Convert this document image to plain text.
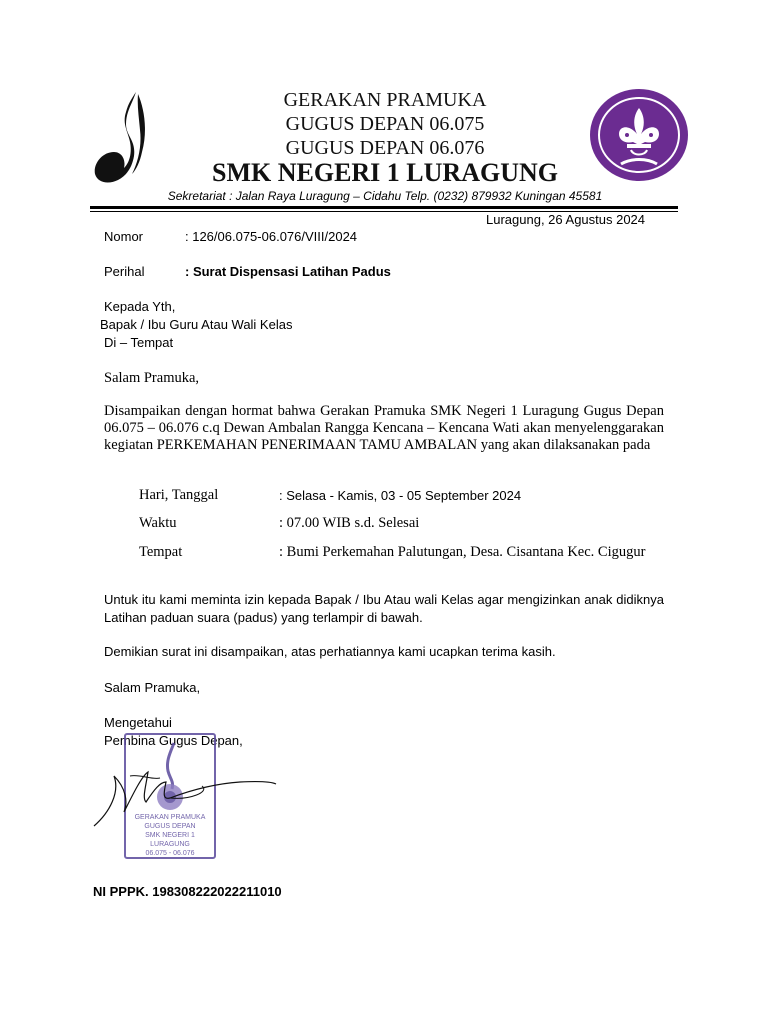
GERAKAN PRAMUKA
GUGUS DEPAN 06.075
GUGUS DEPAN 06.076
SMK NEGERI 1 LURAGUNG
Sekretariat : Jalan Raya Luragung – Cidahu Telp. (0232) 879932 Kuningan 45581
Luragung, 26 Agustus 2024
Nomor	: 126/06.075-06.076/VIII/2024
Perihal	: Surat Dispensasi Latihan Padus
Kepada Yth,
Bapak / Ibu Guru Atau Wali Kelas
Di – Tempat
Salam Pramuka,
Disampaikan dengan hormat bahwa Gerakan Pramuka SMK Negeri 1 Luragung Gugus Depan 06.075 – 06.076 c.q Dewan Ambalan Rangga Kencana – Kencana Wati akan menyelenggarakan kegiatan PERKEMAHAN PENERIMAAN TAMU AMBALAN yang akan dilaksanakan pada
Hari, Tanggal	: Selasa - Kamis, 03 - 05 September 2024
Waktu	: 07.00 WIB s.d. Selesai
Tempat	: Bumi Perkemahan Palutungan, Desa. Cisantana Kec. Cigugur
Untuk itu kami meminta izin kepada Bapak / Ibu Atau wali Kelas agar mengizinkan anak didiknya Latihan paduan suara (padus) yang terlampir di bawah.
Demikian surat ini disampaikan, atas perhatiannya kami ucapkan terima kasih.
Salam Pramuka,
Mengetahui
Pembina Gugus Depan,
GERAKAN PRAMUKA
GUGUS DEPAN
SMK NEGERI 1 LURAGUNG
06.075 - 06.076
NI PPPK. 198308222022211010
